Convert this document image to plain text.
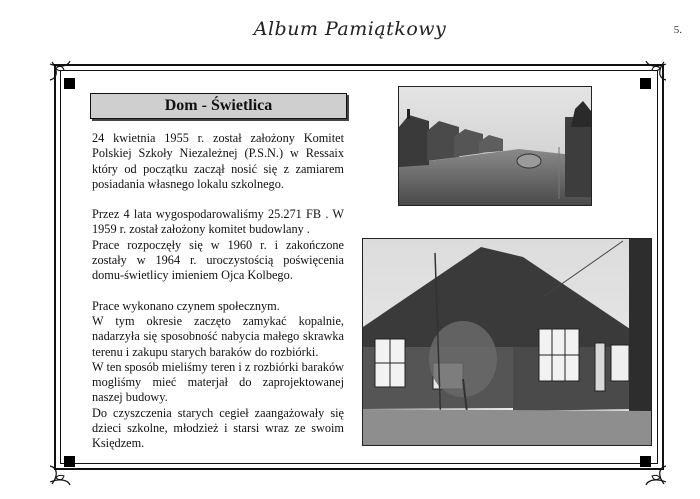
Album Pamiątkowy	5.
Dom - Świetlica

24 kwietnia 1955 r. został założony Komitet Polskiej Szkoły Niezależnej (P.S.N.) w Ressaix który od początku zaczął nosić się z zamiarem posiadania własnego lokalu szkolnego.

Przez 4 lata wygospodarowaliśmy 25.271 FB . W 1959 r. został założony komitet budowlany .

Prace rozpoczęły się w 1960 r. i zakończone zostały w 1964 r. uroczystością poświęcenia domu-świetlicy imieniem Ojca Kolbego.

Prace wykonano czynem społecznym.

W tym okresie zaczęto zamykać kopalnie, nadarzyła się sposobność nabycia małego skrawka terenu i zakupu starych baraków do rozbiórki.

W ten sposób mieliśmy teren i z rozbiórki baraków mogliśmy mieć materjał do zaprojektowanej naszej budowy.

Do czyszczenia starych cegieł zaangażowały się dzieci szkolne, młodzież i starsi wraz ze swoim Księdzem.
